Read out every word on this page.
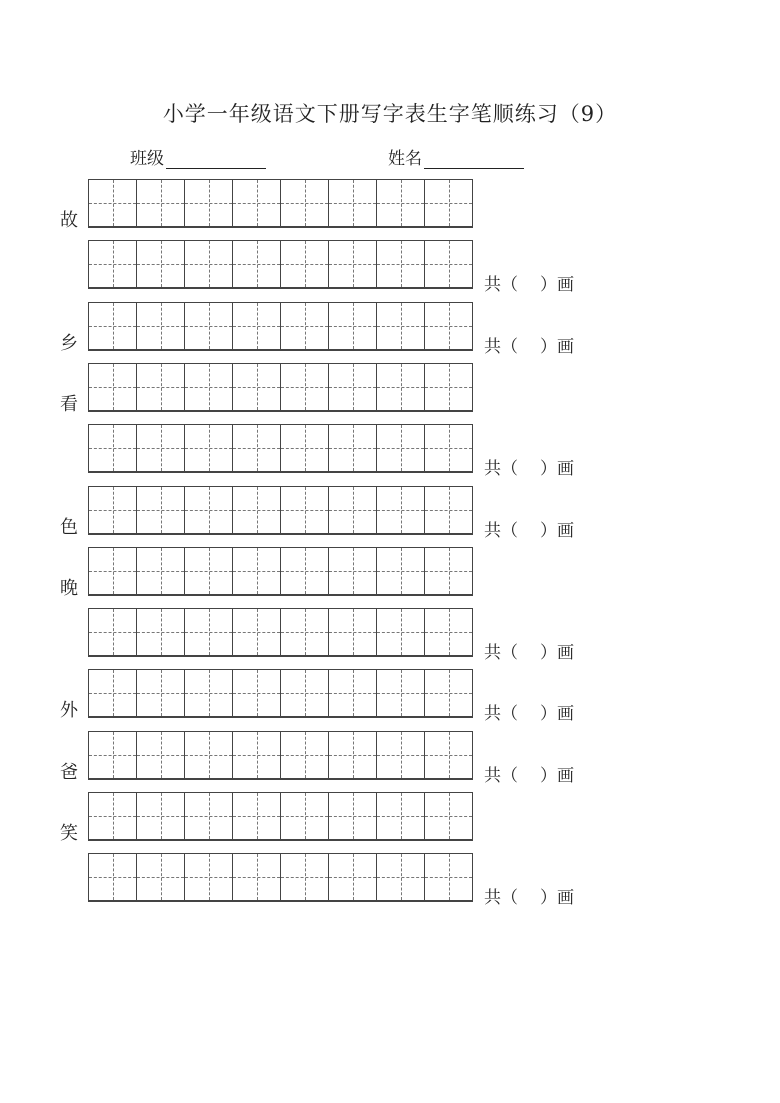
小学一年级语文下册写字表生字笔顺练习（9）
班级	姓名
故
共（ ）画
乡	共（ ）画
看
共（ ）画
色	共（ ）画
晚
共（ ）画
外	共（ ）画
爸	共（ ）画
笑
共（ ）画
